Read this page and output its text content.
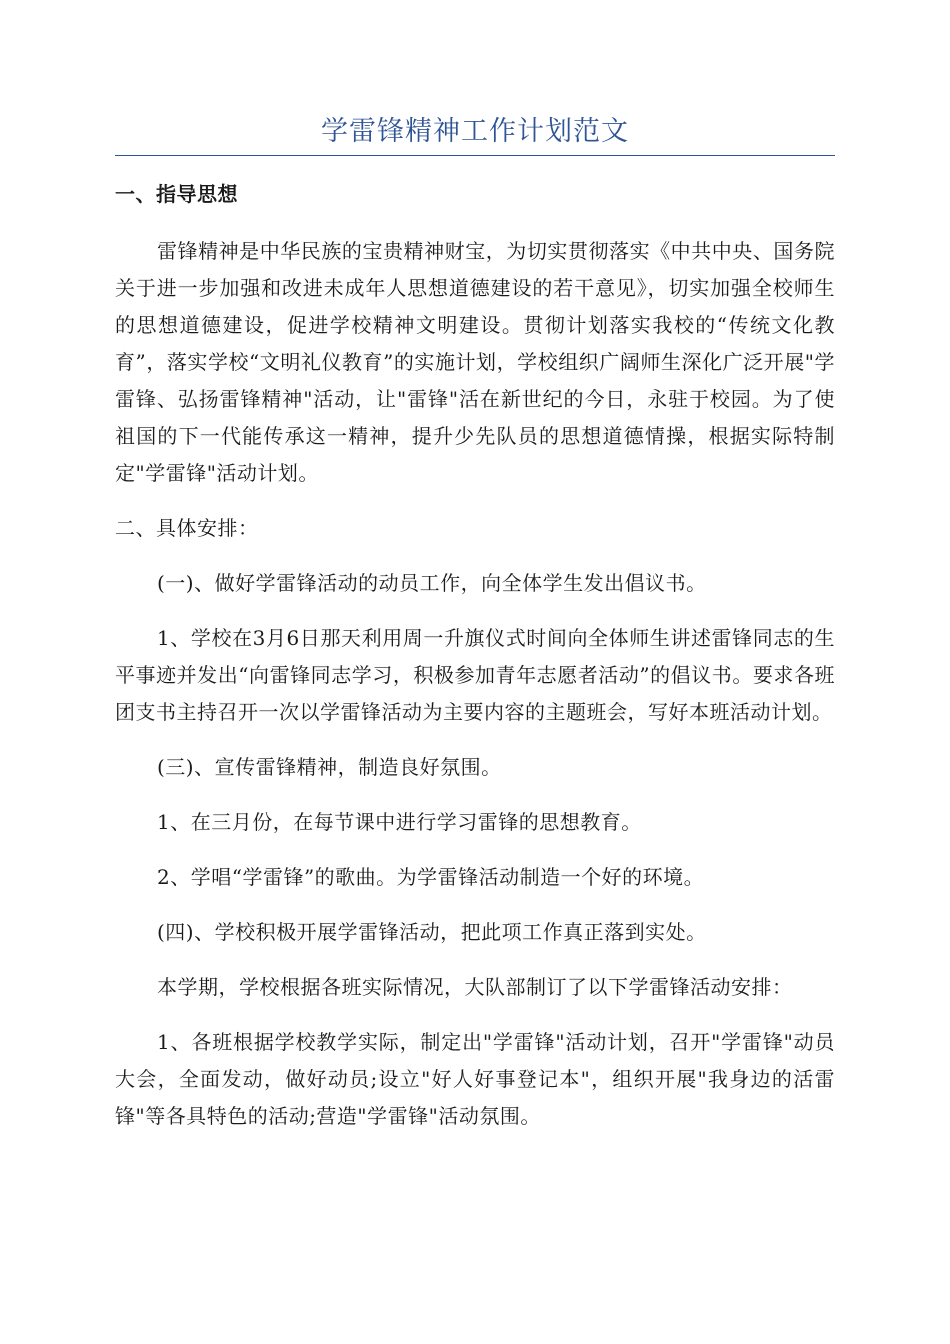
学雷锋精神工作计划范文

一、指导思想

雷锋精神是中华民族的宝贵精神财宝，为切实贯彻落实《中共中央、国务院关于进一步加强和改进未成年人思想道德建设的若干意见》，切实加强全校师生的思想道德建设，促进学校精神文明建设。贯彻计划落实我校的“传统文化教育”，落实学校“文明礼仪教育”的实施计划，学校组织广阔师生深化广泛开展"学雷锋、弘扬雷锋精神"活动，让"雷锋"活在新世纪的今日，永驻于校园。为了使祖国的下一代能传承这一精神，提升少先队员的思想道德情操，根据实际特制定"学雷锋"活动计划。

二、具体安排：

(一)、做好学雷锋活动的动员工作，向全体学生发出倡议书。

1、学校在3月6日那天利用周一升旗仪式时间向全体师生讲述雷锋同志的生平事迹并发出“向雷锋同志学习，积极参加青年志愿者活动”的倡议书。要求各班团支书主持召开一次以学雷锋活动为主要内容的主题班会，写好本班活动计划。

(三)、宣传雷锋精神，制造良好氛围。

1、在三月份，在每节课中进行学习雷锋的思想教育。

2、学唱“学雷锋”的歌曲。为学雷锋活动制造一个好的环境。

(四)、学校积极开展学雷锋活动，把此项工作真正落到实处。

本学期，学校根据各班实际情况，大队部制订了以下学雷锋活动安排：

1、各班根据学校教学实际，制定出"学雷锋"活动计划，召开"学雷锋"动员大会，全面发动，做好动员;设立"好人好事登记本"，组织开展"我身边的活雷锋"等各具特色的活动;营造"学雷锋"活动氛围。
